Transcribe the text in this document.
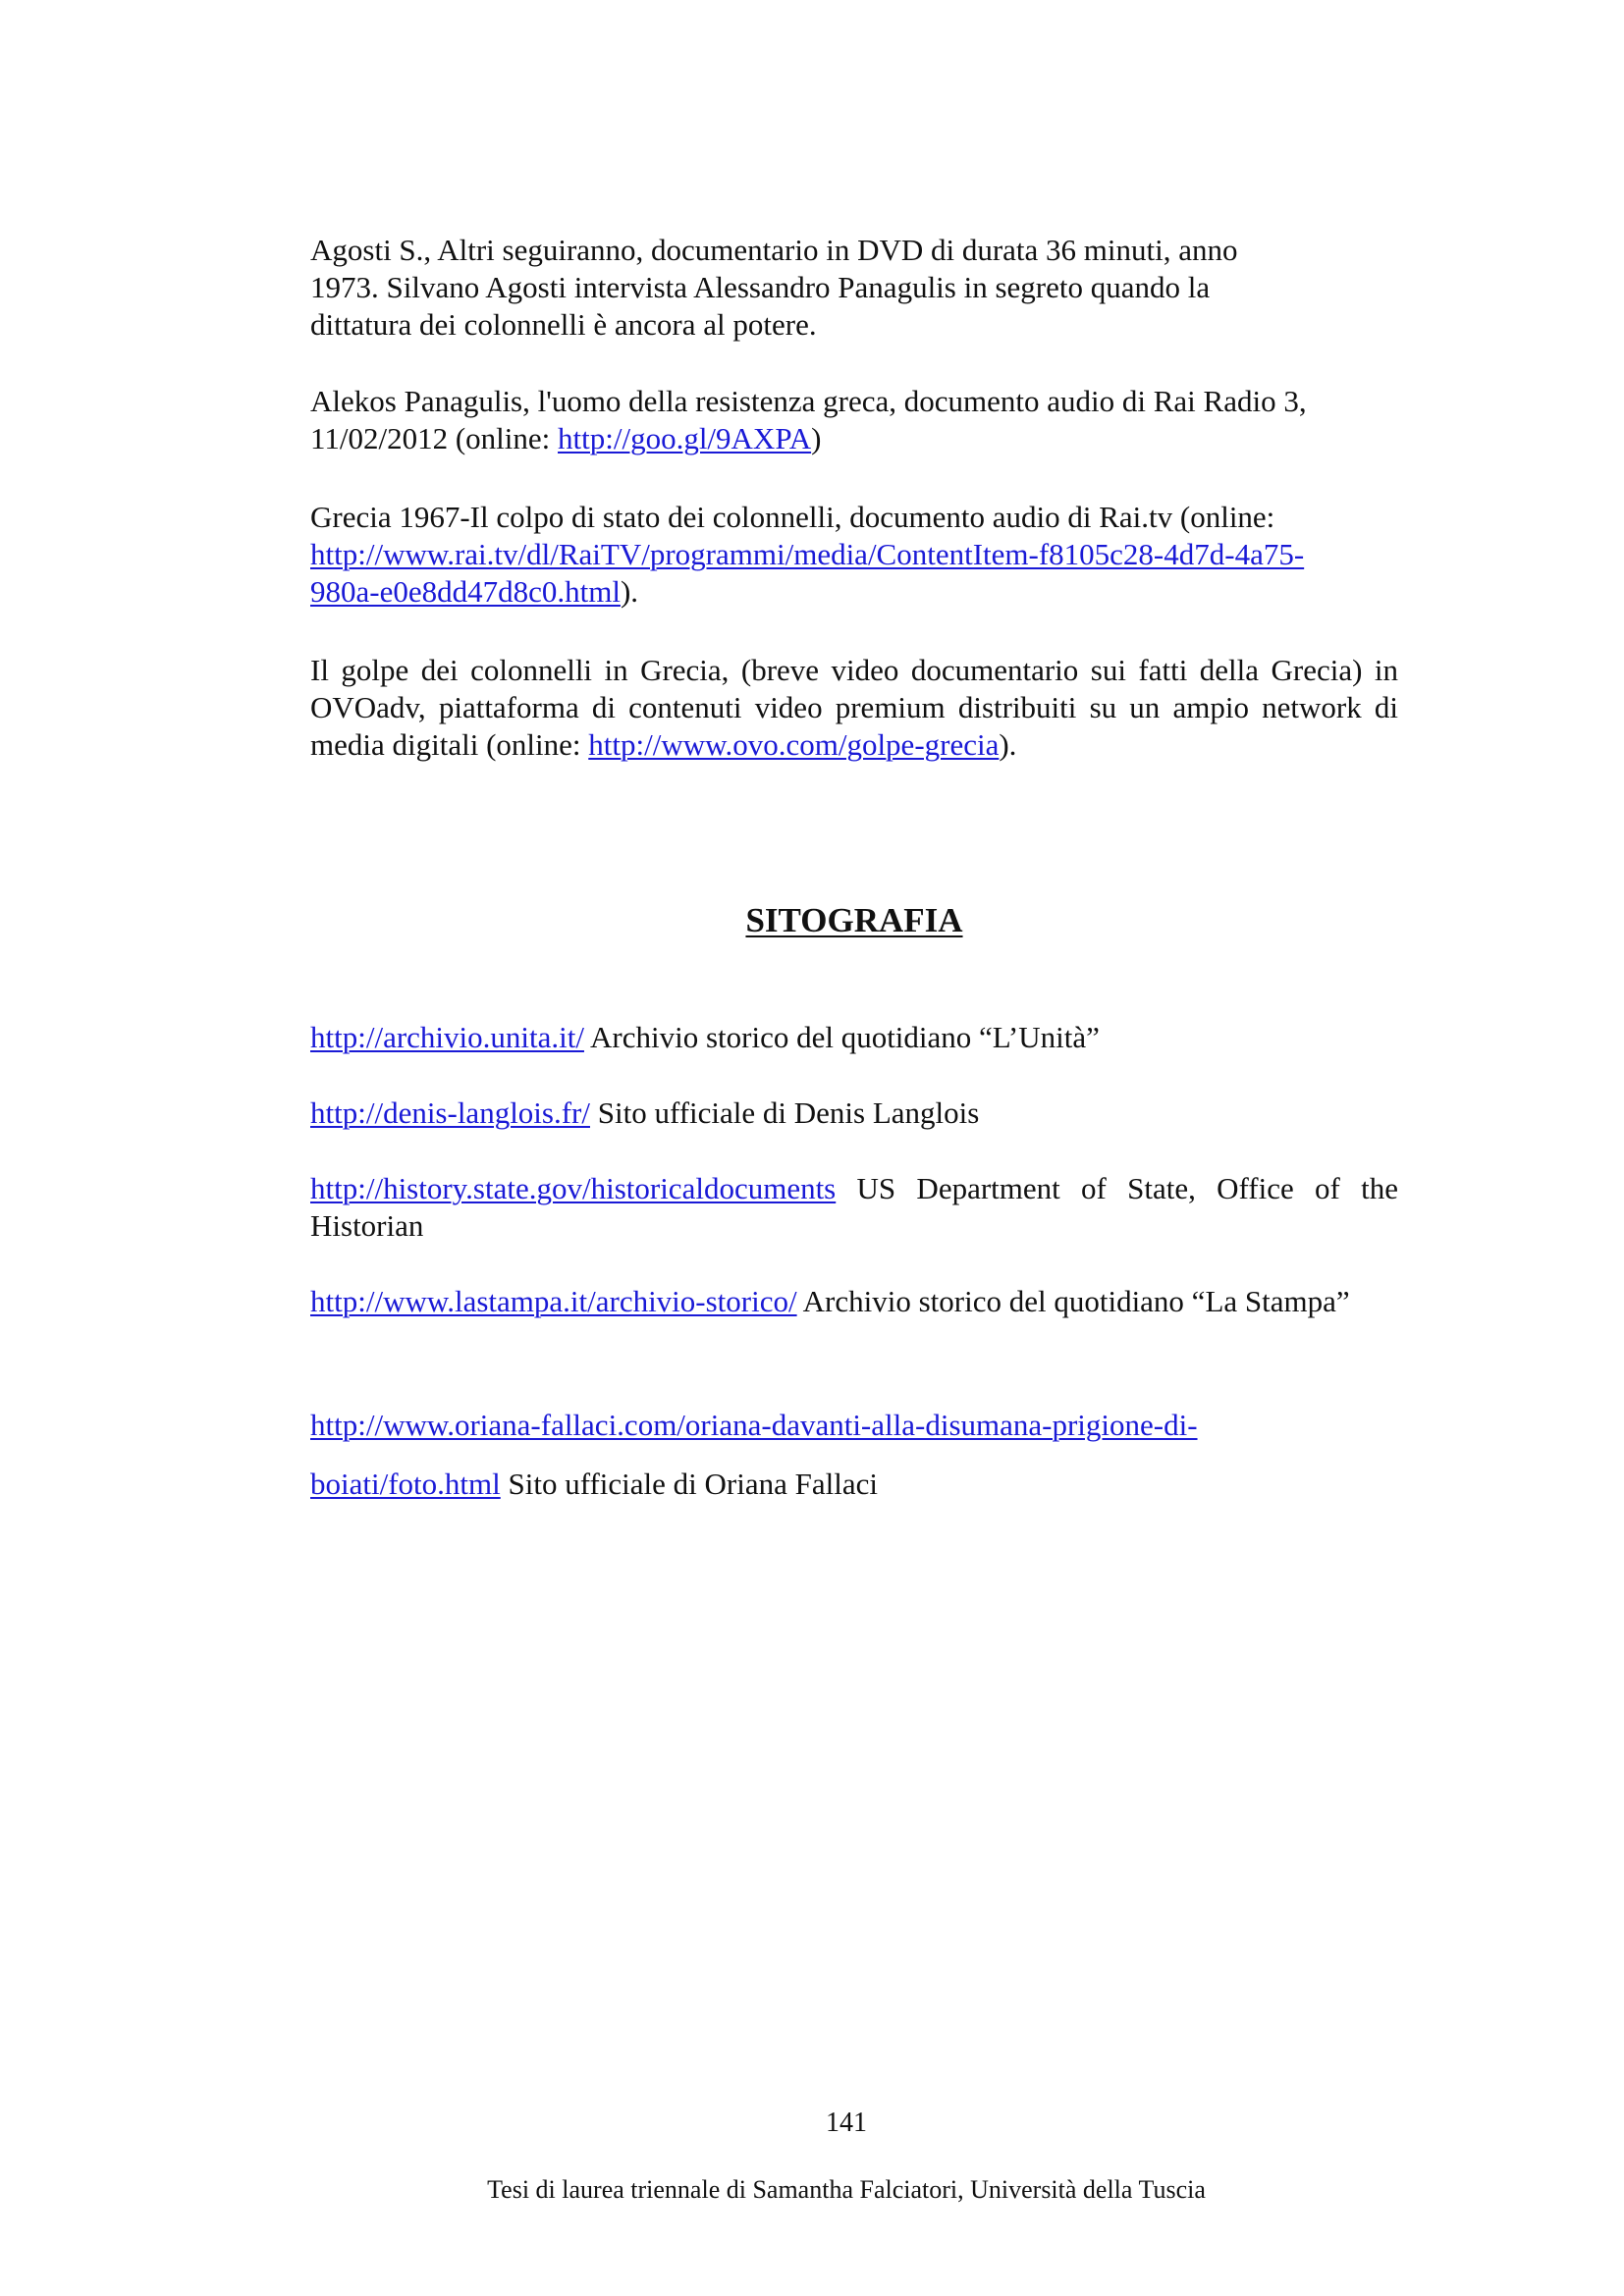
Agosti S., Altri seguiranno, documentario in DVD di durata 36 minuti, anno

1973. Silvano Agosti intervista Alessandro Panagulis in segreto quando la

dittatura dei colonnelli è ancora al potere.

Alekos Panagulis, l'uomo della resistenza greca, documento audio di Rai Radio 3,

11/02/2012 (online: http://goo.gl/9AXPA)

Grecia 1967-Il colpo di stato dei colonnelli, documento audio di Rai.tv (online:

http://www.rai.tv/dl/RaiTV/programmi/media/ContentItem-f8105c28-4d7d-4a75-

980a-e0e8dd47d8c0.html).

Il golpe dei colonnelli in Grecia, (breve video documentario sui fatti della Grecia) in OVOadv, piattaforma di contenuti video premium distribuiti su un ampio network di media digitali (online: http://www.ovo.com/golpe-grecia).

SITOGRAFIA

http://archivio.unita.it/ Archivio storico del quotidiano “L’Unità”

http://denis-langlois.fr/ Sito ufficiale di Denis Langlois

http://history.state.gov/historicaldocuments US Department of State, Office of the Historian

http://www.lastampa.it/archivio-storico/ Archivio storico del quotidiano “La Stampa”

http://www.oriana-fallaci.com/oriana-davanti-alla-disumana-prigione-di-

boiati/foto.html Sito ufficiale di Oriana Fallaci

141
Tesi di laurea triennale di Samantha Falciatori, Università della Tuscia
